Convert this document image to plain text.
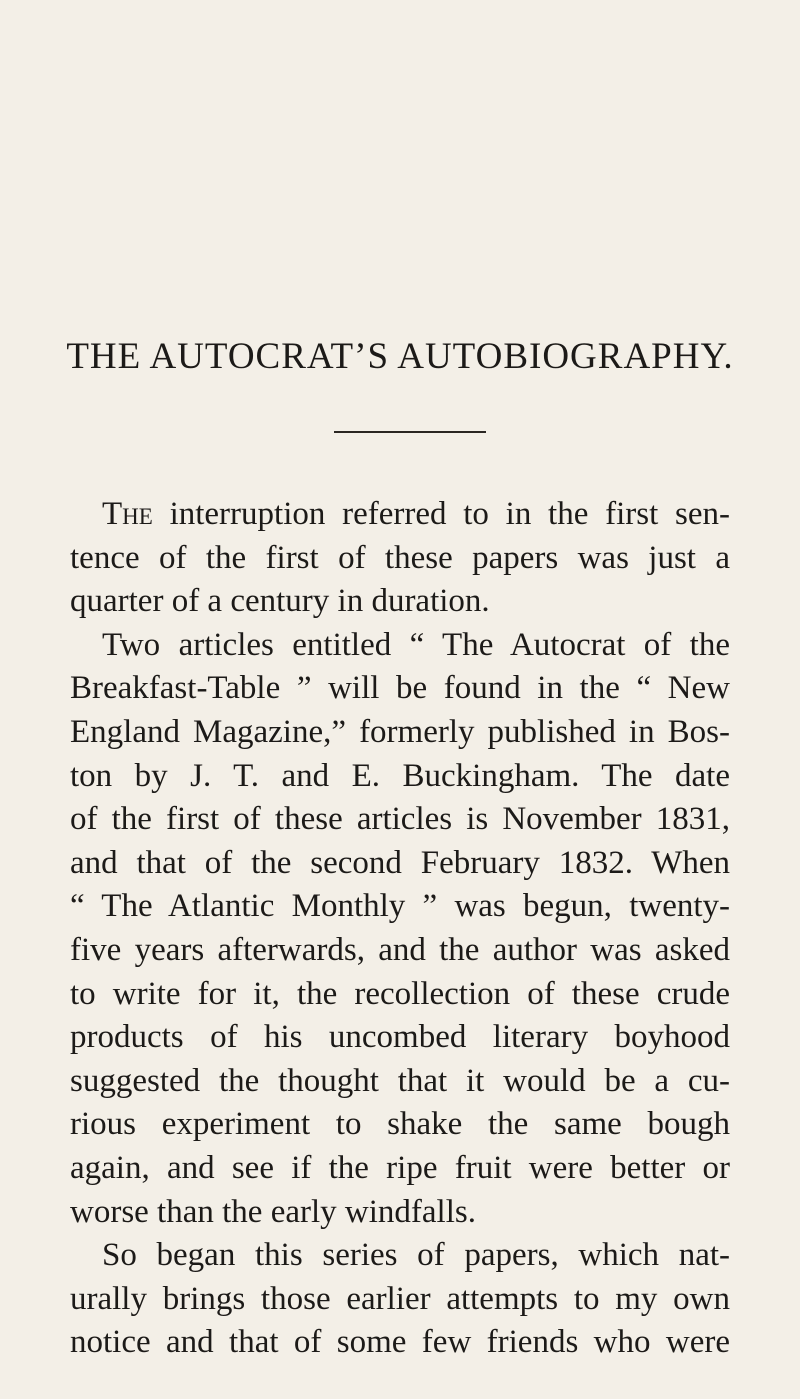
THE AUTOCRAT’S AUTOBIOGRAPHY.
The interruption referred to in the first sen-
tence of the first of these papers was just a
quarter of a century in duration.
Two articles entitled “ The Autocrat of the
Breakfast-Table ” will be found in the “ New
England Magazine,” formerly published in Bos-
ton by J. T. and E. Buckingham. The date
of the first of these articles is November 1831,
and that of the second February 1832. When
“ The Atlantic Monthly ” was begun, twenty-
five years afterwards, and the author was asked
to write for it, the recollection of these crude
products of his uncombed literary boyhood
suggested the thought that it would be a cu-
rious experiment to shake the same bough
again, and see if the ripe fruit were better or
worse than the early windfalls.
So began this series of papers, which nat-
urally brings those earlier attempts to my own
notice and that of some few friends who were
